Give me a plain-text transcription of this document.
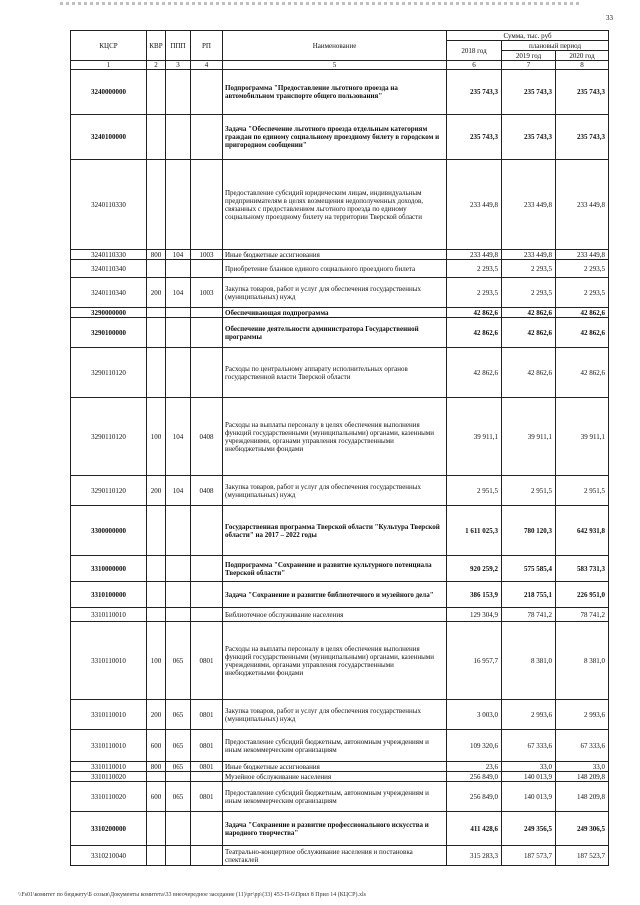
33
КЦСР	КВР	ППП	РП	Наименование	Сумма, тыс. руб		
					2018 год	плановый период	
						2019 год	2020 год
1	2	3	4	5	6	7	8
3240000000				Подпрограмма "Предоставление льготного проезда на автомобильном транспорте общего пользования"	235 743,3	235 743,3	235 743,3
3240100000				Задача "Обеспечение льготного проезда отдельным категориям граждан по единому социальному проездному билету в городском и пригородном сообщении"	235 743,3	235 743,3	235 743,3
3240110330				Предоставление субсидий юридическим лицам, индивидуальным предпринимателям в целях возмещения недополученных доходов, связанных с предоставлением льготного проезда по единому социальному проездному билету на территории Тверской области	233 449,8	233 449,8	233 449,8
3240110330	800	104	1003	Иные бюджетные ассигнования	233 449,8	233 449,8	233 449,8
3240110340				Приобретение бланков единого социального проездного билета	2 293,5	2 293,5	2 293,5
3240110340	200	104	1003	Закупка товаров, работ и услуг для обеспечения государственных (муниципальных) нужд	2 293,5	2 293,5	2 293,5
3290000000				Обеспечивающая подпрограмма	42 862,6	42 862,6	42 862,6
3290100000				Обеспечение деятельности администратора Государственной программы	42 862,6	42 862,6	42 862,6
3290110120				Расходы по центральному аппарату исполнительных органов государственной власти Тверской области	42 862,6	42 862,6	42 862,6
3290110120	100	104	0408	Расходы на выплаты персоналу в целях обеспечения выполнения функций государственными (муниципальными) органами, казенными учреждениями, органами управления государственными внебюджетными фондами	39 911,1	39 911,1	39 911,1
3290110120	200	104	0408	Закупка товаров, работ и услуг для обеспечения государственных (муниципальных) нужд	2 951,5	2 951,5	2 951,5
3300000000				Государственная программа Тверской области "Культура Тверской области" на 2017 – 2022 годы	1 611 025,3	780 120,3	642 931,8
3310000000				Подпрограмма "Сохранение и развитие культурного потенциала Тверской области"	920 259,2	575 585,4	583 731,3
3310100000				Задача "Сохранение и развитие библиотечного и музейного дела"	386 153,9	218 755,1	226 951,0
3310110010				Библиотечное обслуживание населения	129 304,9	78 741,2	78 741,2
3310110010	100	065	0801	Расходы на выплаты персоналу в целях обеспечения выполнения функций государственными (муниципальными) органами, казенными учреждениями, органами управления государственными внебюджетными фондами	16 957,7	8 381,0	8 381,0
3310110010	200	065	0801	Закупка товаров, работ и услуг для обеспечения государственных (муниципальных) нужд	3 003,0	2 993,6	2 993,6
3310110010	600	065	0801	Предоставление субсидий бюджетным, автономным учреждениям и иным некоммерческим организациям	109 320,6	67 333,6	67 333,6
3310110010	800	065	0801	Иные бюджетные ассигнования	23,6	33,0	33,0
3310110020				Музейное обслуживание населения	256 849,0	140 013,9	148 209,8
3310110020	600	065	0801	Предоставление субсидий бюджетным, автономным учреждениям и иным некоммерческим организациям	256 849,0	140 013,9	148 209,8
3310200000				Задача "Сохранение и развитие профессионального искусства и народного творчества"	411 428,6	249 356,5	249 306,5
3310210040				Театрально-концертное обслуживание населения и постановка спектаклей	315 283,3	187 573,7	187 523,7
\\Fs01\комитет по бюджету\Б созыв\Документы комитета\33 внеочередное заседание (11)\рг\рр\(33) 453-П-6\Прил 8 Прил 14 (КЦСР).xls
